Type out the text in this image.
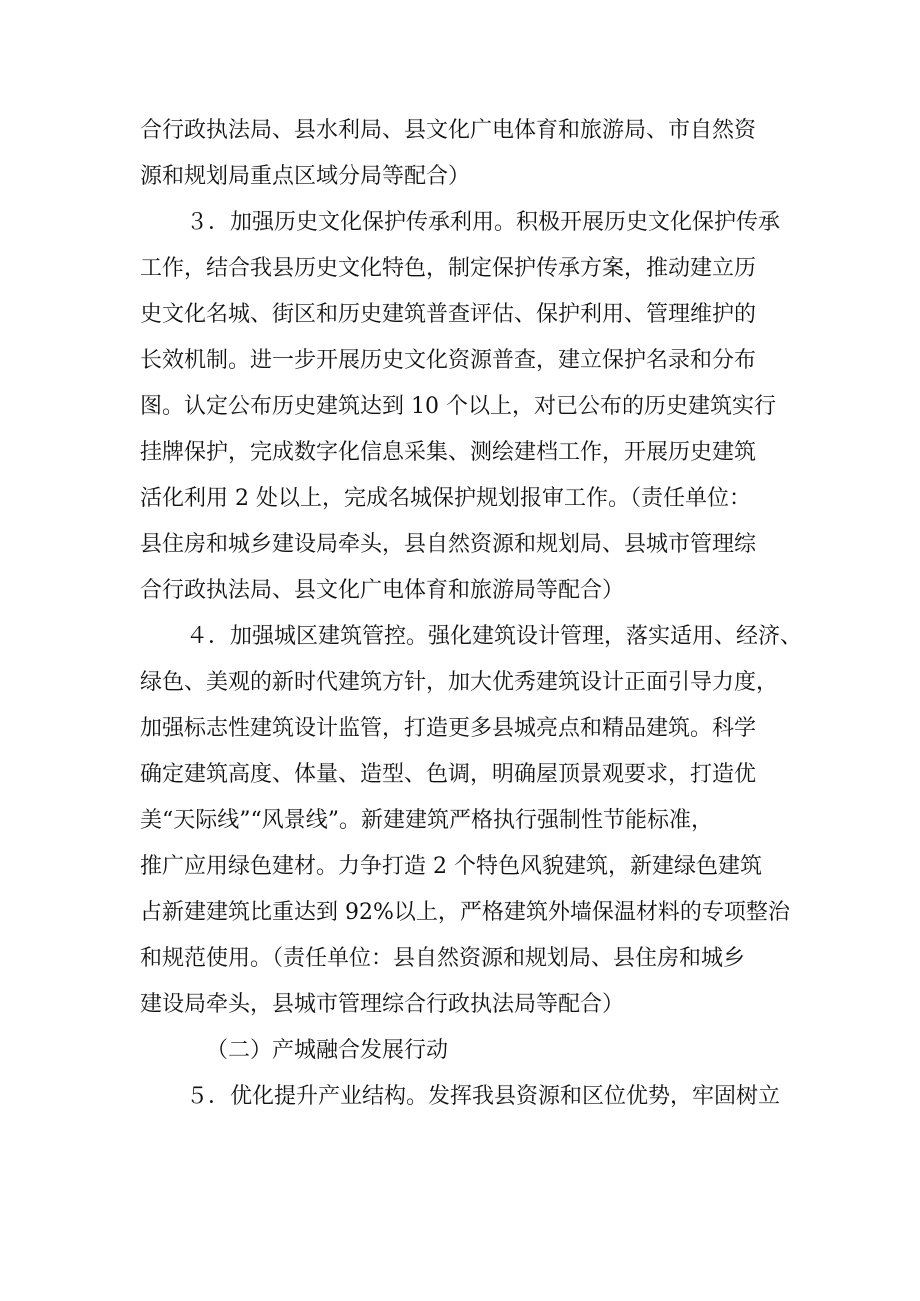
合行政执法局、县水利局、县文化广电体育和旅游局、市自然资
源和规划局重点区域分局等配合）
３．加强历史文化保护传承利用。积极开展历史文化保护传承
工作，结合我县历史文化特色，制定保护传承方案，推动建立历
史文化名城、街区和历史建筑普查评估、保护利用、管理维护的
长效机制。进一步开展历史文化资源普查，建立保护名录和分布
图。认定公布历史建筑达到 10 个以上，对已公布的历史建筑实行
挂牌保护，完成数字化信息采集、测绘建档工作，开展历史建筑
活化利用 2 处以上，完成名城保护规划报审工作。（责任单位：
县住房和城乡建设局牵头，县自然资源和规划局、县城市管理综
合行政执法局、县文化广电体育和旅游局等配合）
４．加强城区建筑管控。强化建筑设计管理，落实适用、经济、
绿色、美观的新时代建筑方针，加大优秀建筑设计正面引导力度，
加强标志性建筑设计监管，打造更多县城亮点和精品建筑。科学
确定建筑高度、体量、造型、色调，明确屋顶景观要求，打造优
美“天际线”“风景线”。新建建筑严格执行强制性节能标准，
推广应用绿色建材。力争打造 2 个特色风貌建筑，新建绿色建筑
占新建建筑比重达到 92%以上，严格建筑外墙保温材料的专项整治
和规范使用。（责任单位：县自然资源和规划局、县住房和城乡
建设局牵头，县城市管理综合行政执法局等配合）
（二）产城融合发展行动
５．优化提升产业结构。发挥我县资源和区位优势，牢固树立
